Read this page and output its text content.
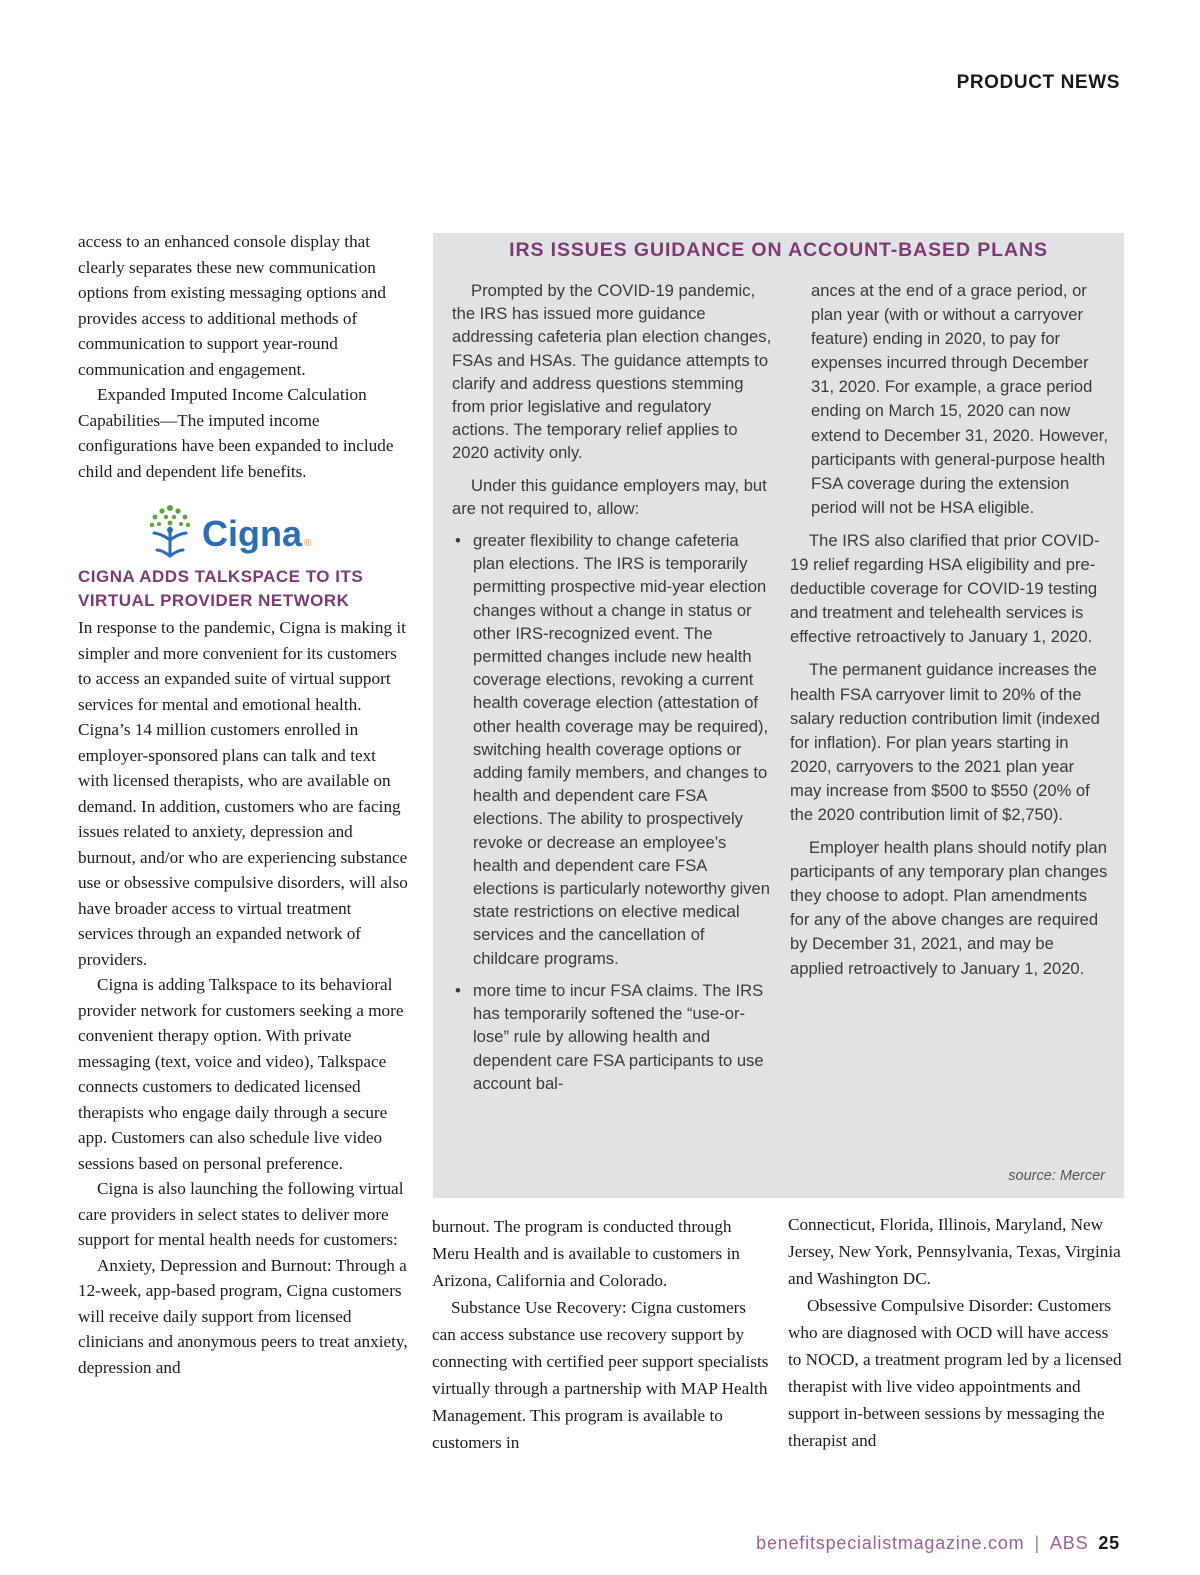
PRODUCT NEWS

access to an enhanced console display that clearly separates these new communication options from existing messaging options and provides access to additional methods of communication to support year-round communication and engagement.

Expanded Imputed Income Calculation Capabilities—The imputed income configurations have been expanded to include child and dependent life benefits.

Cigna ®
CIGNA ADDS TALKSPACE TO ITS VIRTUAL PROVIDER NETWORK

In response to the pandemic, Cigna is making it simpler and more convenient for its customers to access an expanded suite of virtual support services for mental and emotional health. Cigna’s 14 million customers enrolled in employer-sponsored plans can talk and text with licensed therapists, who are available on demand. In addition, customers who are facing issues related to anxiety, depression and burnout, and/or who are experiencing substance use or obsessive compulsive disorders, will also have broader access to virtual treatment services through an expanded network of providers.

Cigna is adding Talkspace to its behavioral provider network for customers seeking a more convenient therapy option. With private messaging (text, voice and video), Talkspace connects customers to dedicated licensed therapists who engage daily through a secure app. Customers can also schedule live video sessions based on personal preference.

Cigna is also launching the following virtual care providers in select states to deliver more support for mental health needs for customers:

Anxiety, Depression and Burnout: Through a 12-week, app-based program, Cigna customers will receive daily support from licensed clinicians and anonymous peers to treat anxiety, depression and

IRS ISSUES GUIDANCE ON ACCOUNT-BASED PLANS

Prompted by the COVID-19 pandemic, the IRS has issued more guidance addressing cafeteria plan election changes, FSAs and HSAs. The guidance attempts to clarify and address questions stemming from prior legislative and regulatory actions. The temporary relief applies to 2020 activity only.

Under this guidance employers may, but are not required to, allow:

• greater flexibility to change cafeteria plan elections. The IRS is temporarily permitting prospective mid-year election changes without a change in status or other IRS-recognized event. The permitted changes include new health coverage elections, revoking a current health coverage election (attestation of other health coverage may be required), switching health coverage options or adding family members, and changes to health and dependent care FSA elections. The ability to prospectively revoke or decrease an employee’s health and dependent care FSA elections is particularly noteworthy given state restrictions on elective medical services and the cancellation of childcare programs.
• more time to incur FSA claims. The IRS has temporarily softened the “use-or-lose” rule by allowing health and dependent care FSA participants to use account bal-

ances at the end of a grace period, or plan year (with or without a carryover feature) ending in 2020, to pay for expenses incurred through December 31, 2020. For example, a grace period ending on March 15, 2020 can now extend to December 31, 2020. However, participants with general-purpose health FSA coverage during the extension period will not be HSA eligible.

The IRS also clarified that prior COVID-19 relief regarding HSA eligibility and pre-deductible coverage for COVID-19 testing and treatment and telehealth services is effective retroactively to January 1, 2020.

The permanent guidance increases the health FSA carryover limit to 20% of the salary reduction contribution limit (indexed for inflation). For plan years starting in 2020, carryovers to the 2021 plan year may increase from $500 to $550 (20% of the 2020 contribution limit of $2,750).

Employer health plans should notify plan participants of any temporary plan changes they choose to adopt. Plan amendments for any of the above changes are required by December 31, 2021, and may be applied retroactively to January 1, 2020.

source: Mercer

burnout. The program is conducted through Meru Health and is available to customers in Arizona, California and Colorado.

Substance Use Recovery: Cigna customers can access substance use recovery support by connecting with certified peer support specialists virtually through a partnership with MAP Health Management. This program is available to customers in

Connecticut, Florida, Illinois, Maryland, New Jersey, New York, Pennsylvania, Texas, Virginia and Washington DC.

Obsessive Compulsive Disorder: Customers who are diagnosed with OCD will have access to NOCD, a treatment program led by a licensed therapist with live video appointments and support in-between sessions by messaging the therapist and

benefitspecialistmagazine.com | ABS 25
